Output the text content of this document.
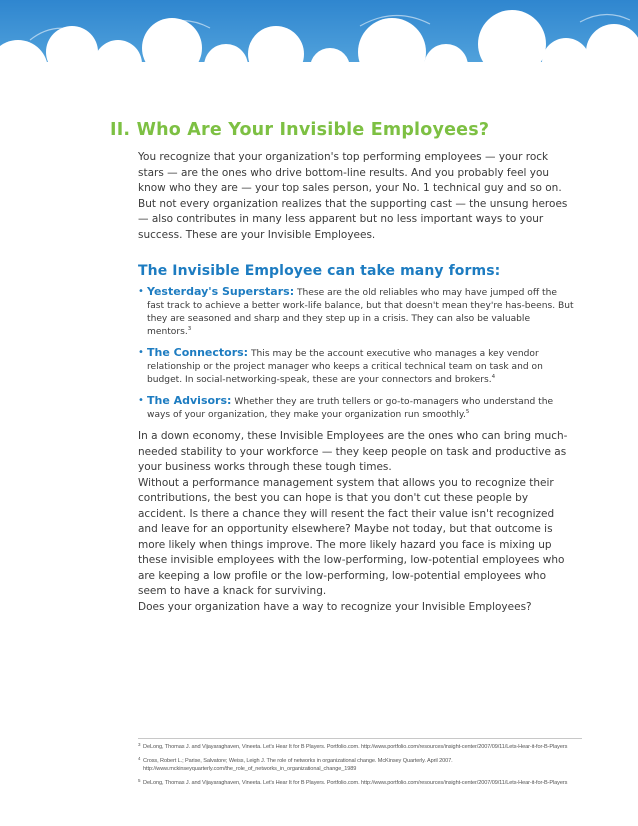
II. Who Are Your Invisible Employees?

You recognize that your organization's top performing employees — your rock stars — are the ones who drive bottom-line results. And you probably feel you know who they are — your top sales person, your No. 1 technical guy and so on. But not every organization realizes that the supporting cast — the unsung heroes — also contributes in many less apparent but no less important ways to your success. These are your Invisible Employees.

The Invisible Employee can take many forms:
• Yesterday's Superstars: These are the old reliables who may have jumped off the fast track to achieve a better work-life balance, but that doesn't mean they're has-beens. But they are seasoned and sharp and they step up in a crisis. They can also be valuable mentors.$^3$
• The Connectors: This may be the account executive who manages a key vendor relationship or the project manager who keeps a critical technical team on task and on budget. In social-networking-speak, these are your connectors and brokers.$^4$
• The Advisors: Whether they are truth tellers or go-to-managers who understand the ways of your organization, they make your organization run smoothly.$^5$

In a down economy, these Invisible Employees are the ones who can bring much-needed stability to your workforce — they keep people on task and productive as your business works through these tough times.

Without a performance management system that allows you to recognize their contributions, the best you can hope is that you don't cut these people by accident. Is there a chance they will resent the fact their value isn't recognized and leave for an opportunity elsewhere? Maybe not today, but that outcome is more likely when things improve. The more likely hazard you face is mixing up these invisible employees with the low-performing, low-potential employees who are keeping a low profile or the low-performing, low-potential employees who seem to have a knack for surviving.

Does your organization have a way to recognize your Invisible Employees?

3 DeLong, Thomas J. and Vijayaraghaven, Vineeta. Let's Hear It for B Players. Portfolio.com. http://www.portfolio.com/resources/insight-center/2007/09/11/Lets-Hear-it-for-B-Players
4 Cross, Robert L.; Parise, Salvatore; Weiss, Leigh J. The role of networks in organizational change. McKinsey Quarterly. April 2007. http://www.mckinseyquarterly.com/the_role_of_networks_in_organizational_change_1989
5 DeLong, Thomas J. and Vijayaraghaven, Vineeta. Let's Hear It for B Players. Portfolio.com. http://www.portfolio.com/resources/insight-center/2007/09/11/Lets-Hear-it-for-B-Players
